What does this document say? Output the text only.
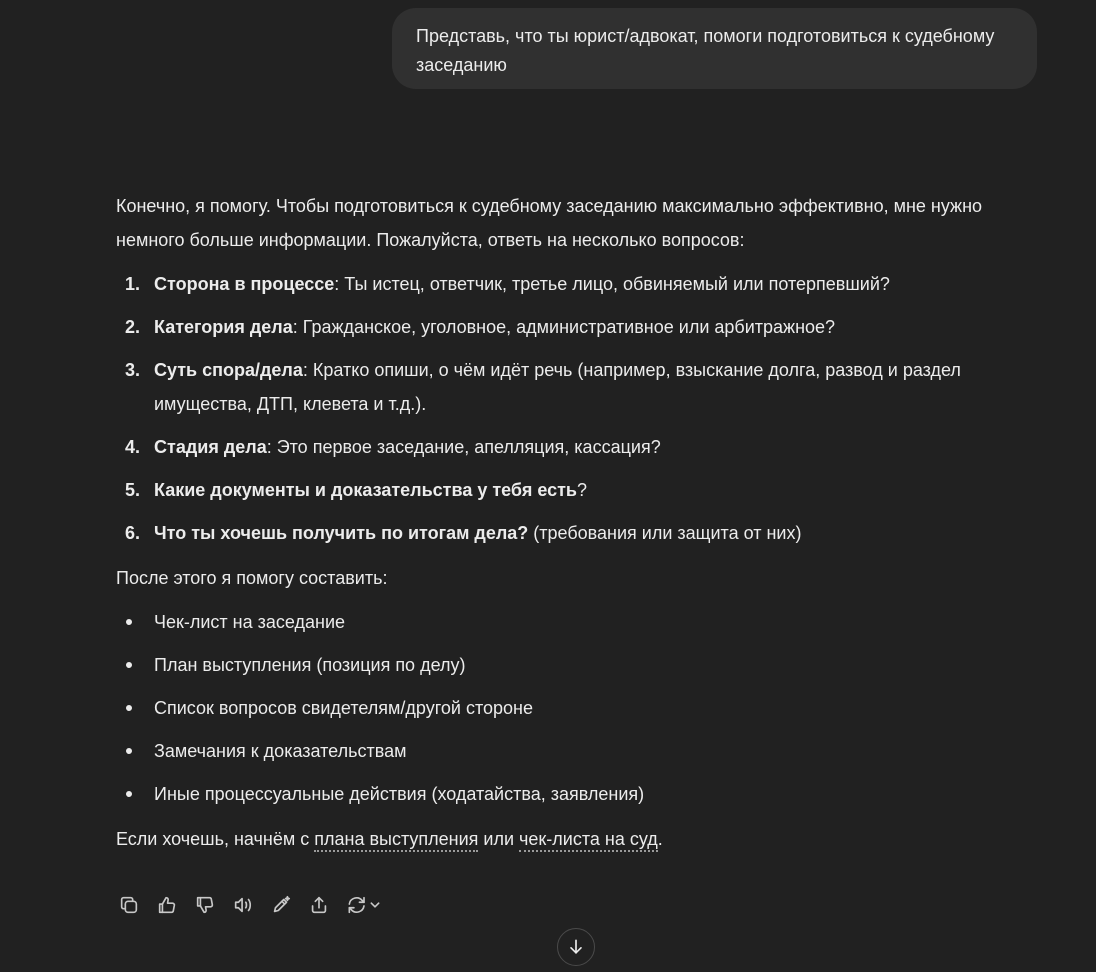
Представь, что ты юрист/адвокат, помоги подготовиться к судебному заседанию

Конечно, я помогу. Чтобы подготовиться к судебному заседанию максимально эффективно, мне нужно немного больше информации. Пожалуйста, ответь на несколько вопросов:

1. Сторона в процессе: Ты истец, ответчик, третье лицо, обвиняемый или потерпевший?
2. Категория дела: Гражданское, уголовное, административное или арбитражное?
3. Суть спора/дела: Кратко опиши, о чём идёт речь (например, взыскание долга, развод и раздел имущества, ДТП, клевета и т.д.).
4. Стадия дела: Это первое заседание, апелляция, кассация?
5. Какие документы и доказательства у тебя есть?
6. Что ты хочешь получить по итогам дела? (требования или защита от них)

После этого я помогу составить:

Чек-лист на заседание
План выступления (позиция по делу)
Список вопросов свидетелям/другой стороне
Замечания к доказательствам
Иные процессуальные действия (ходатайства, заявления)

Если хочешь, начнём с плана выступления или чек-листа на суд.
